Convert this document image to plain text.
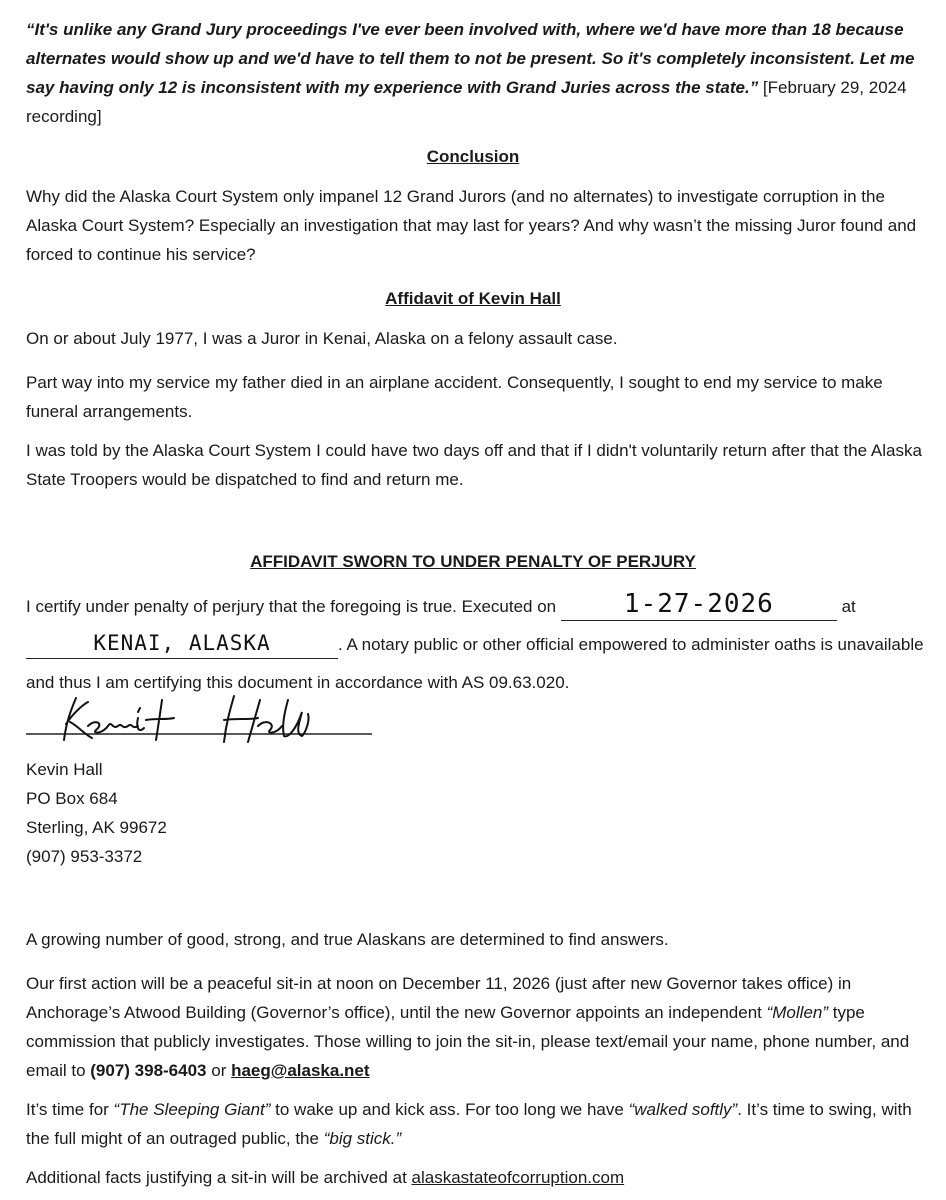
“It's unlike any Grand Jury proceedings I've ever been involved with, where we'd have more than 18 because alternates would show up and we'd have to tell them to not be present. So it's completely inconsistent. Let me say having only 12 is inconsistent with my experience with Grand Juries across the state.” [February 29, 2024 recording]

Conclusion

Why did the Alaska Court System only impanel 12 Grand Jurors (and no alternates) to investigate corruption in the Alaska Court System? Especially an investigation that may last for years? And why wasn’t the missing Juror found and forced to continue his service?

Affidavit of Kevin Hall

On or about July 1977, I was a Juror in Kenai, Alaska on a felony assault case.

Part way into my service my father died in an airplane accident. Consequently, I sought to end my service to make funeral arrangements.

I was told by the Alaska Court System I could have two days off and that if I didn't voluntarily return after that the Alaska State Troopers would be dispatched to find and return me.

AFFIDAVIT SWORN TO UNDER PENALTY OF PERJURY
I certify under penalty of perjury that the foregoing is true. Executed on 1-27-2026	at
KENAI, ALASKA	. A notary public or other official empowered to administer oaths is unavailable and thus I am certifying this document in accordance with AS 09.63.020.
Kevin Hall
PO Box 684
Sterling, AK 99672
(907) 953-3372

A growing number of good, strong, and true Alaskans are determined to find answers.

Our first action will be a peaceful sit-in at noon on December 11, 2026 (just after new Governor takes office) in Anchorage’s Atwood Building (Governor’s office), until the new Governor appoints an independent “Mollen” type commission that publicly investigates. Those willing to join the sit-in, please text/email your name, phone number, and email to (907) 398-6403 or haeg@alaska.net

It’s time for “The Sleeping Giant” to wake up and kick ass. For too long we have “walked softly”. It’s time to swing, with the full might of an outraged public, the “big stick.”

Additional facts justifying a sit-in will be archived at alaskastateofcorruption.com
